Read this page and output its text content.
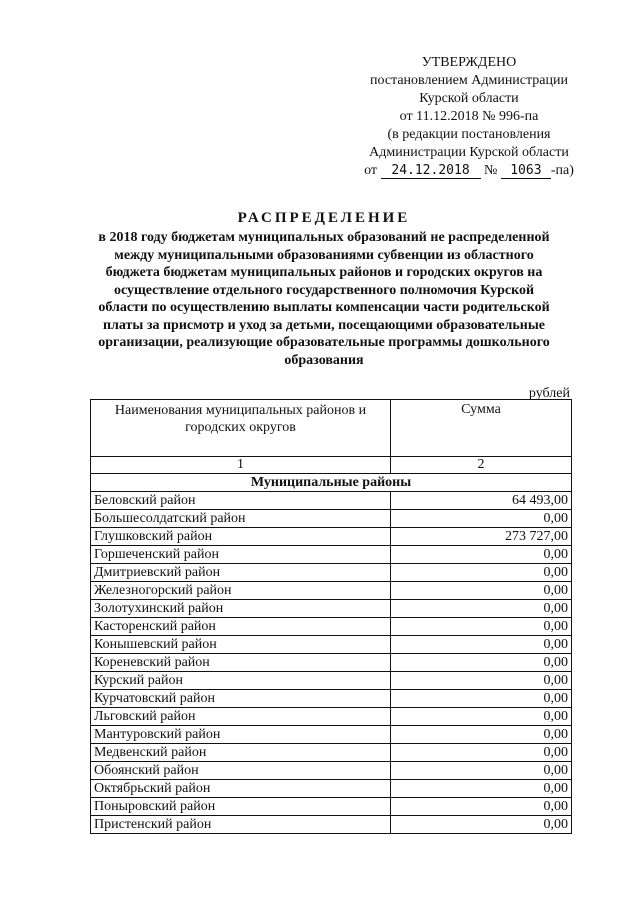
УТВЕРЖДЕНО
постановлением Администрации
Курской области
от 11.12.2018 № 996-па
(в редакции постановления
Администрации Курской области
от 24.12.2018 № 1063 -па)
РАСПРЕДЕЛЕНИЕ
в 2018 году бюджетам муниципальных образований не распределенной
между муниципальными образованиями субвенции из областного
бюджета бюджетам муниципальных районов и городских округов на
осуществление отдельного государственного полномочия Курской
области по осуществлению выплаты компенсации части родительской
платы за присмотр и уход за детьми, посещающими образовательные
организации, реализующие образовательные программы дошкольного
образования
рублей
Наименования муниципальных районов и
городских округов	Сумма
1	2
Муниципальные районы	
Беловский район	64 493,00
Большесолдатский район	0,00
Глушковский район	273 727,00
Горшеченский район	0,00
Дмитриевский район	0,00
Железногорский район	0,00
Золотухинский район	0,00
Касторенский район	0,00
Конышевский район	0,00
Кореневский район	0,00
Курский район	0,00
Курчатовский район	0,00
Льговский район	0,00
Мантуровский район	0,00
Медвенский район	0,00
Обоянский район	0,00
Октябрьский район	0,00
Поныровский район	0,00
Пристенский район	0,00
